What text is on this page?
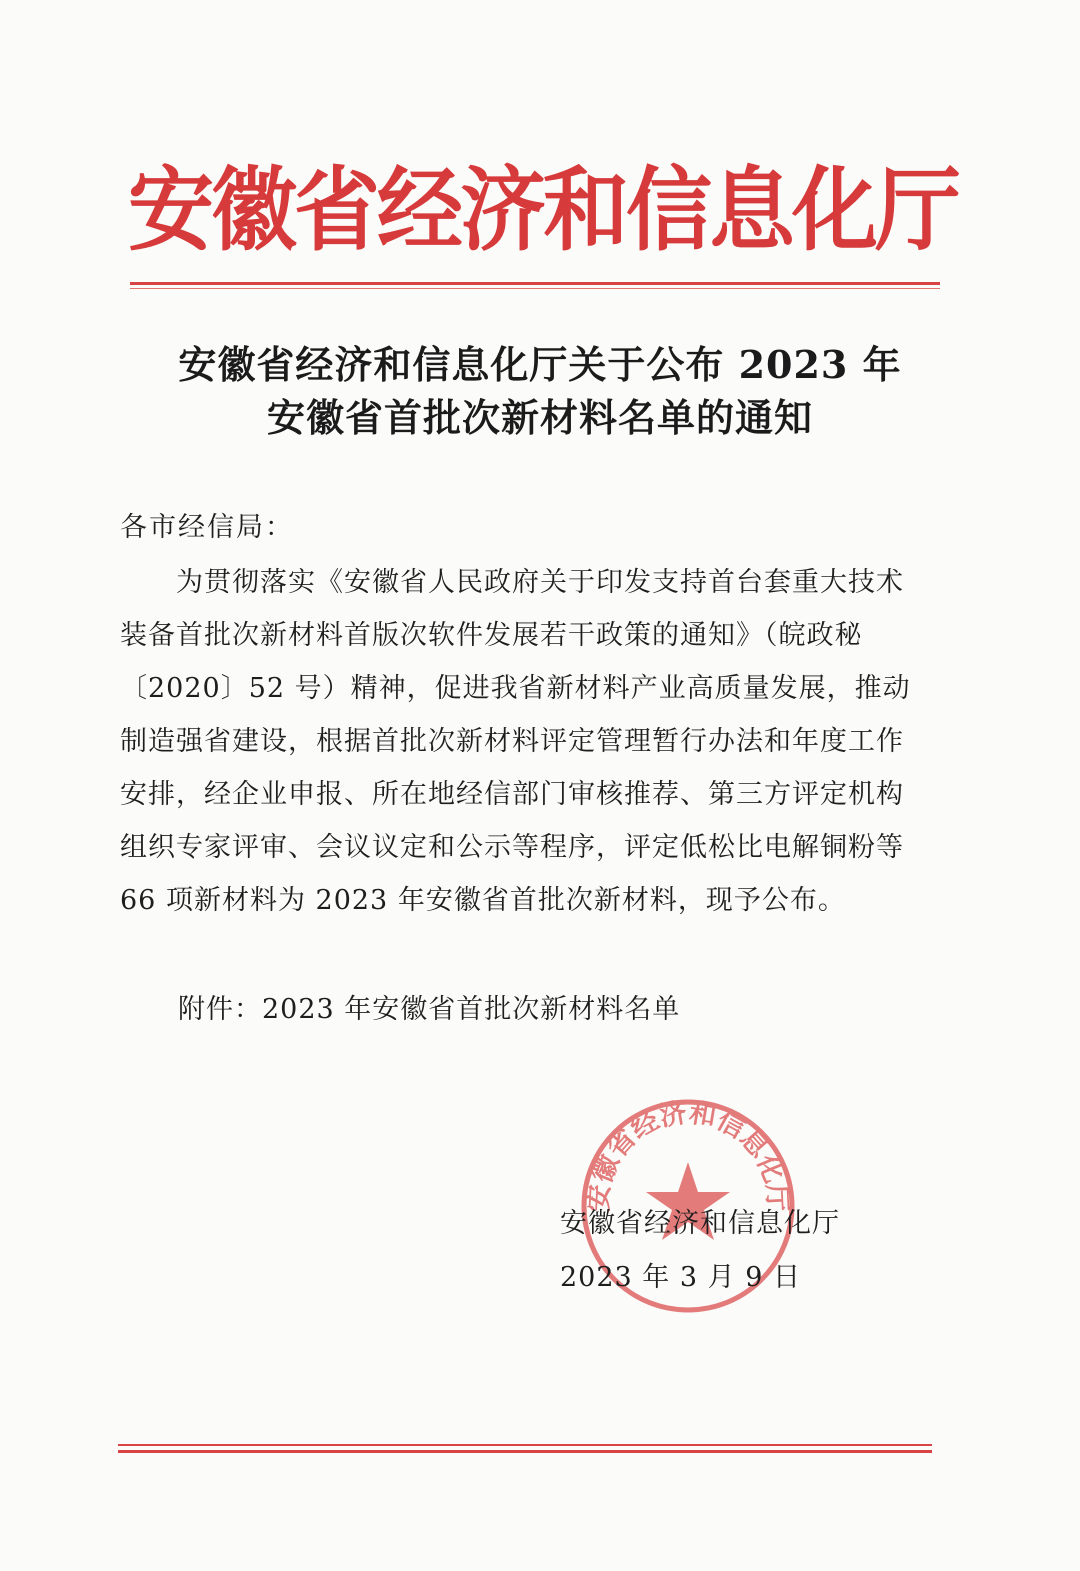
安徽省经济和信息化厅
安徽省经济和信息化厅关于公布 2023 年
安徽省首批次新材料名单的通知
各市经信局：
为贯彻落实《安徽省人民政府关于印发支持首台套重大技术
装备首批次新材料首版次软件发展若干政策的通知》（皖政秘
〔2020〕52 号）精神，促进我省新材料产业高质量发展，推动
制造强省建设，根据首批次新材料评定管理暂行办法和年度工作
安排，经企业申报、所在地经信部门审核推荐、第三方评定机构
组织专家评审、会议议定和公示等程序，评定低松比电解铜粉等
66 项新材料为 2023 年安徽省首批次新材料，现予公布。
附件：2023 年安徽省首批次新材料名单
安徽省经济和信息化厅
安徽省经济和信息化厅
2023 年 3 月 9 日
